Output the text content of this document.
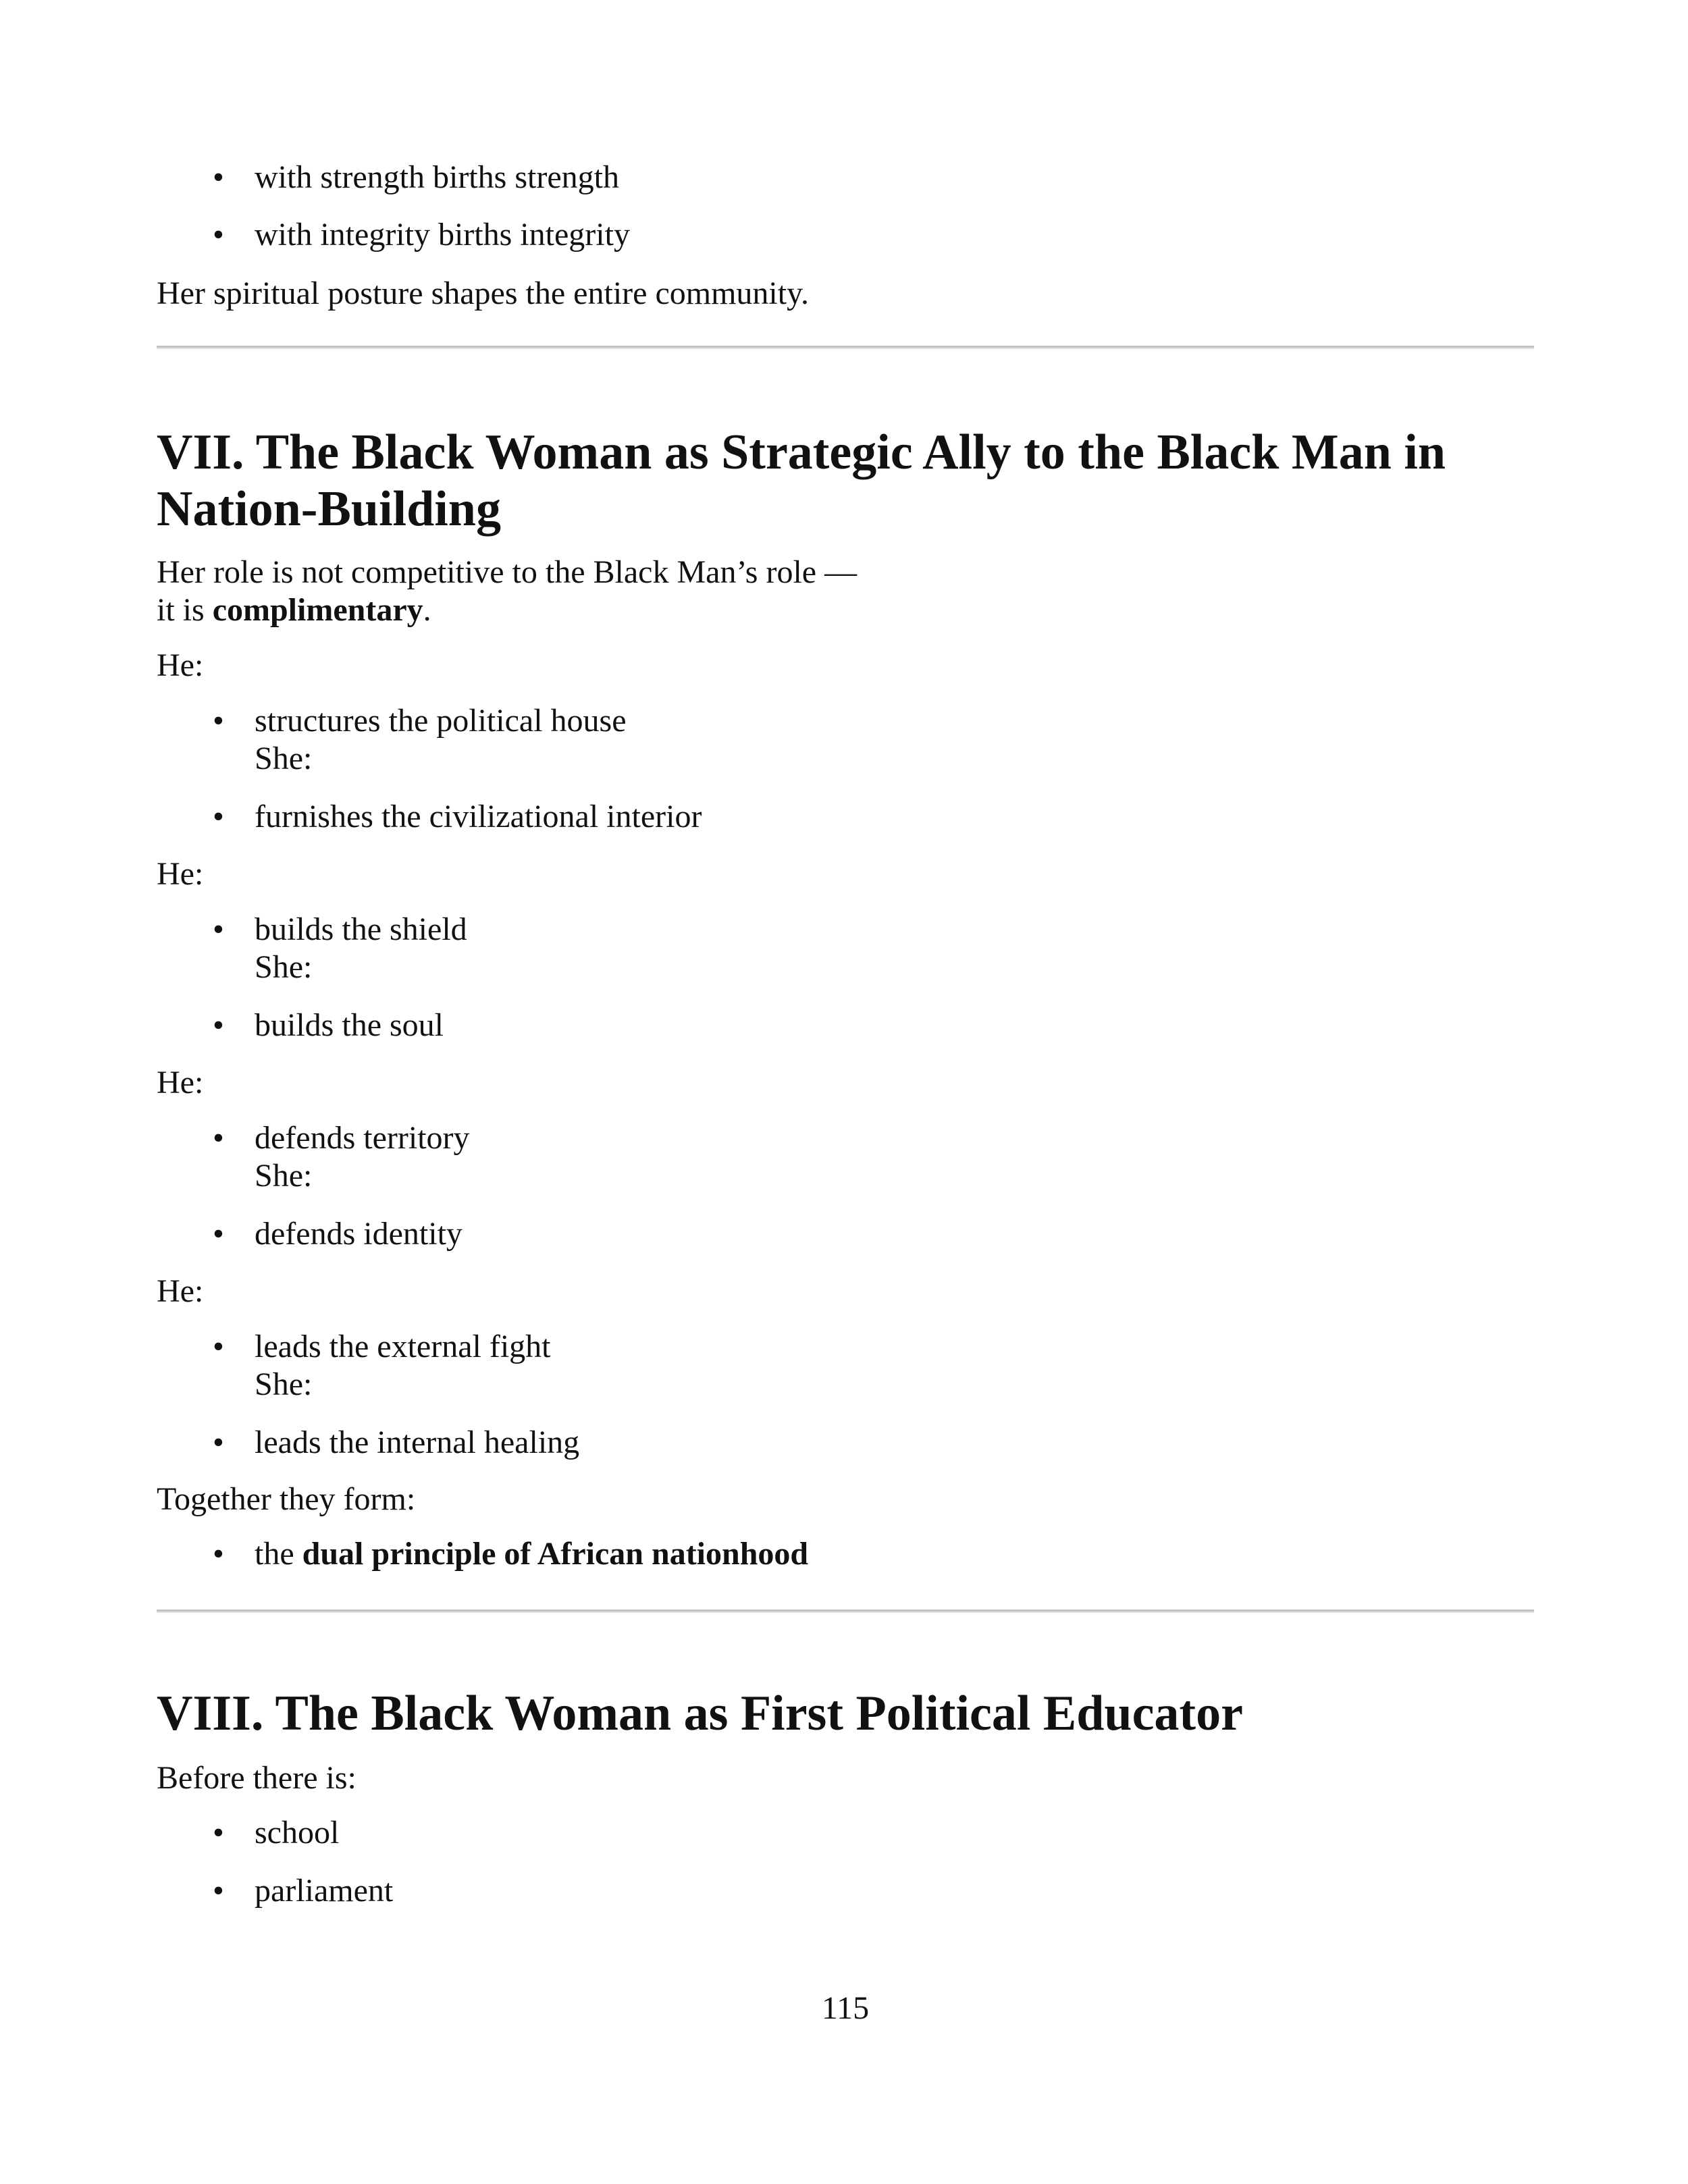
• with strength births strength
• with integrity births integrity

Her spiritual posture shapes the entire community.

VII. The Black Woman as Strategic Ally to the Black Man in
Nation-Building

Her role is not competitive to the Black Man’s role —

it is complimentary.

He:

• structures the political house
She:
• furnishes the civilizational interior

He:

• builds the shield
She:
• builds the soul

He:

• defends territory
She:
• defends identity

He:

• leads the external fight
She:
• leads the internal healing

Together they form:

• the dual principle of African nationhood
VIII. The Black Woman as First Political Educator

Before there is:

• school
• parliament
115
